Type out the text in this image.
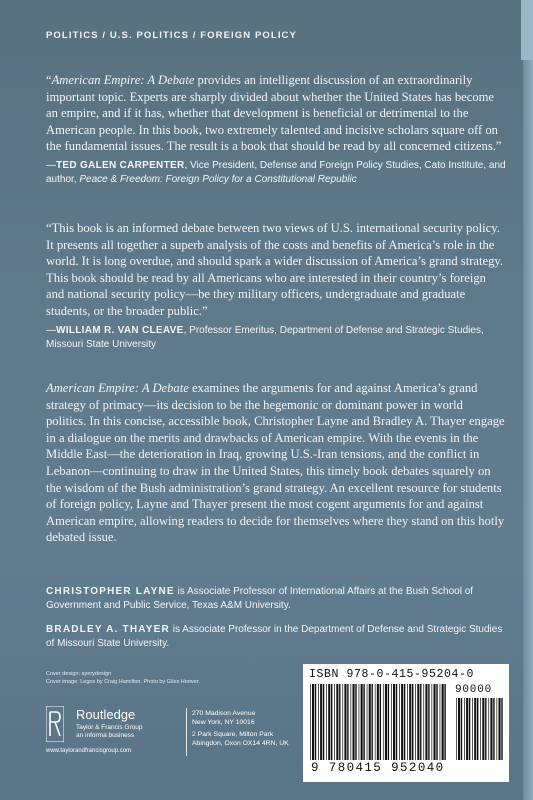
POLITICS / U.S. POLITICS / FOREIGN POLICY

“American Empire: A Debate provides an intelligent discussion of an extraordinarily important topic. Experts are sharply divided about whether the United States has become an empire, and if it has, whether that development is beneficial or detrimental to the American people. In this book, two extremely talented and incisive scholars square off on the fundamental issues. The result is a book that should be read by all concerned citizens.”

—TED GALEN CARPENTER, Vice President, Defense and Foreign Policy Studies, Cato Institute, and author, Peace & Freedom: Foreign Policy for a Constitutional Republic

“This book is an informed debate between two views of U.S. international security policy. It presents all together a superb analysis of the costs and benefits of America’s role in the world. It is long overdue, and should spark a wider discussion of America’s grand strategy. This book should be read by all Americans who are interested in their country’s foreign and national security policy—be they military officers, undergraduate and graduate students, or the broader public.”

—WILLIAM R. VAN CLEAVE, Professor Emeritus, Department of Defense and Strategic Studies, Missouri State University

American Empire: A Debate examines the arguments for and against America’s grand strategy of primacy—its decision to be the hegemonic or dominant power in world politics. In this concise, accessible book, Christopher Layne and Bradley A. Thayer engage in a dialogue on the merits and drawbacks of American empire. With the events in the Middle East—the deterioration in Iraq, growing U.S.-Iran tensions, and the conflict in Lebanon—continuing to draw in the United States, this timely book debates squarely on the wisdom of the Bush administration’s grand strategy. An excellent resource for students of foreign policy, Layne and Thayer present the most cogent arguments for and against American empire, allowing readers to decide for themselves where they stand on this hotly debated issue.

CHRISTOPHER LAYNE is Associate Professor of International Affairs at the Bush School of Government and Public Service, Texas A&M University.

BRADLEY A. THAYER is Associate Professor in the Department of Defense and Strategic Studies of Missouri State University.

Cover design: ayerydesign
Cover image: Legos by Craig Hamilton. Photo by Giles Hoover.
Routledge
Taylor & Francis Group
an informa business
www.taylorandfrancisgroup.com
270 Madison Avenue
New York, NY 10016
2 Park Square, Milton Park
Abingdon, Oxon OX14 4RN, UK
ISBN 978-0-415-95204-0
90000
9 780415 952040
